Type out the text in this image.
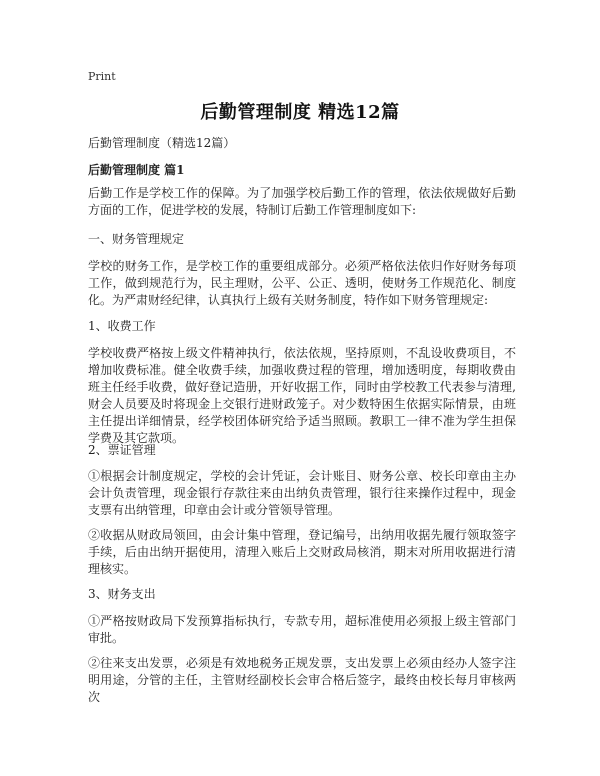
Print
后勤管理制度 精选12篇
后勤管理制度（精选12篇）
后勤管理制度 篇1
后勤工作是学校工作的保障。为了加强学校后勤工作的管理，依法依规做好后勤方面的工作，促进学校的发展，特制订后勤工作管理制度如下:
一、财务管理规定
学校的财务工作，是学校工作的重要组成部分。必须严格依法依归作好财务每项工作，做到规范行为，民主理财，公平、公正、透明，使财务工作规范化、制度化。为严肃财经纪律，认真执行上级有关财务制度，特作如下财务管理规定:
1、收费工作
学校收费严格按上级文件精神执行，依法依规，坚持原则，不乱设收费项目，不增加收费标准。健全收费手续，加强收费过程的管理，增加透明度，每期收费由班主任经手收费，做好登记造册，开好收据工作，同时由学校教工代表参与清理,财会人员要及时将现金上交银行进财政笼子。对少数特困生依据实际情景，由班主任提出详细情景，经学校团体研究给予适当照顾。教职工一律不准为学生担保学费及其它款项。
2、票证管理
①根据会计制度规定，学校的会计凭证，会计账目、财务公章、校长印章由主办会计负责管理，现金银行存款往来由出纳负责管理，银行往来操作过程中，现金支票有出纳管理，印章由会计或分管领导管理。
②收据从财政局领回，由会计集中管理，登记编号，出纳用收据先履行领取签字手续，后由出纳开据使用，清理入账后上交财政局核消，期末对所用收据进行清理核实。
3、财务支出
①严格按财政局下发预算指标执行，专款专用，超标准使用必须报上级主管部门审批。
②往来支出发票，必须是有效地税务正规发票，支出发票上必须由经办人签字注明用途，分管的主任，主管财经副校长会审合格后签字，最终由校长每月审核两次
